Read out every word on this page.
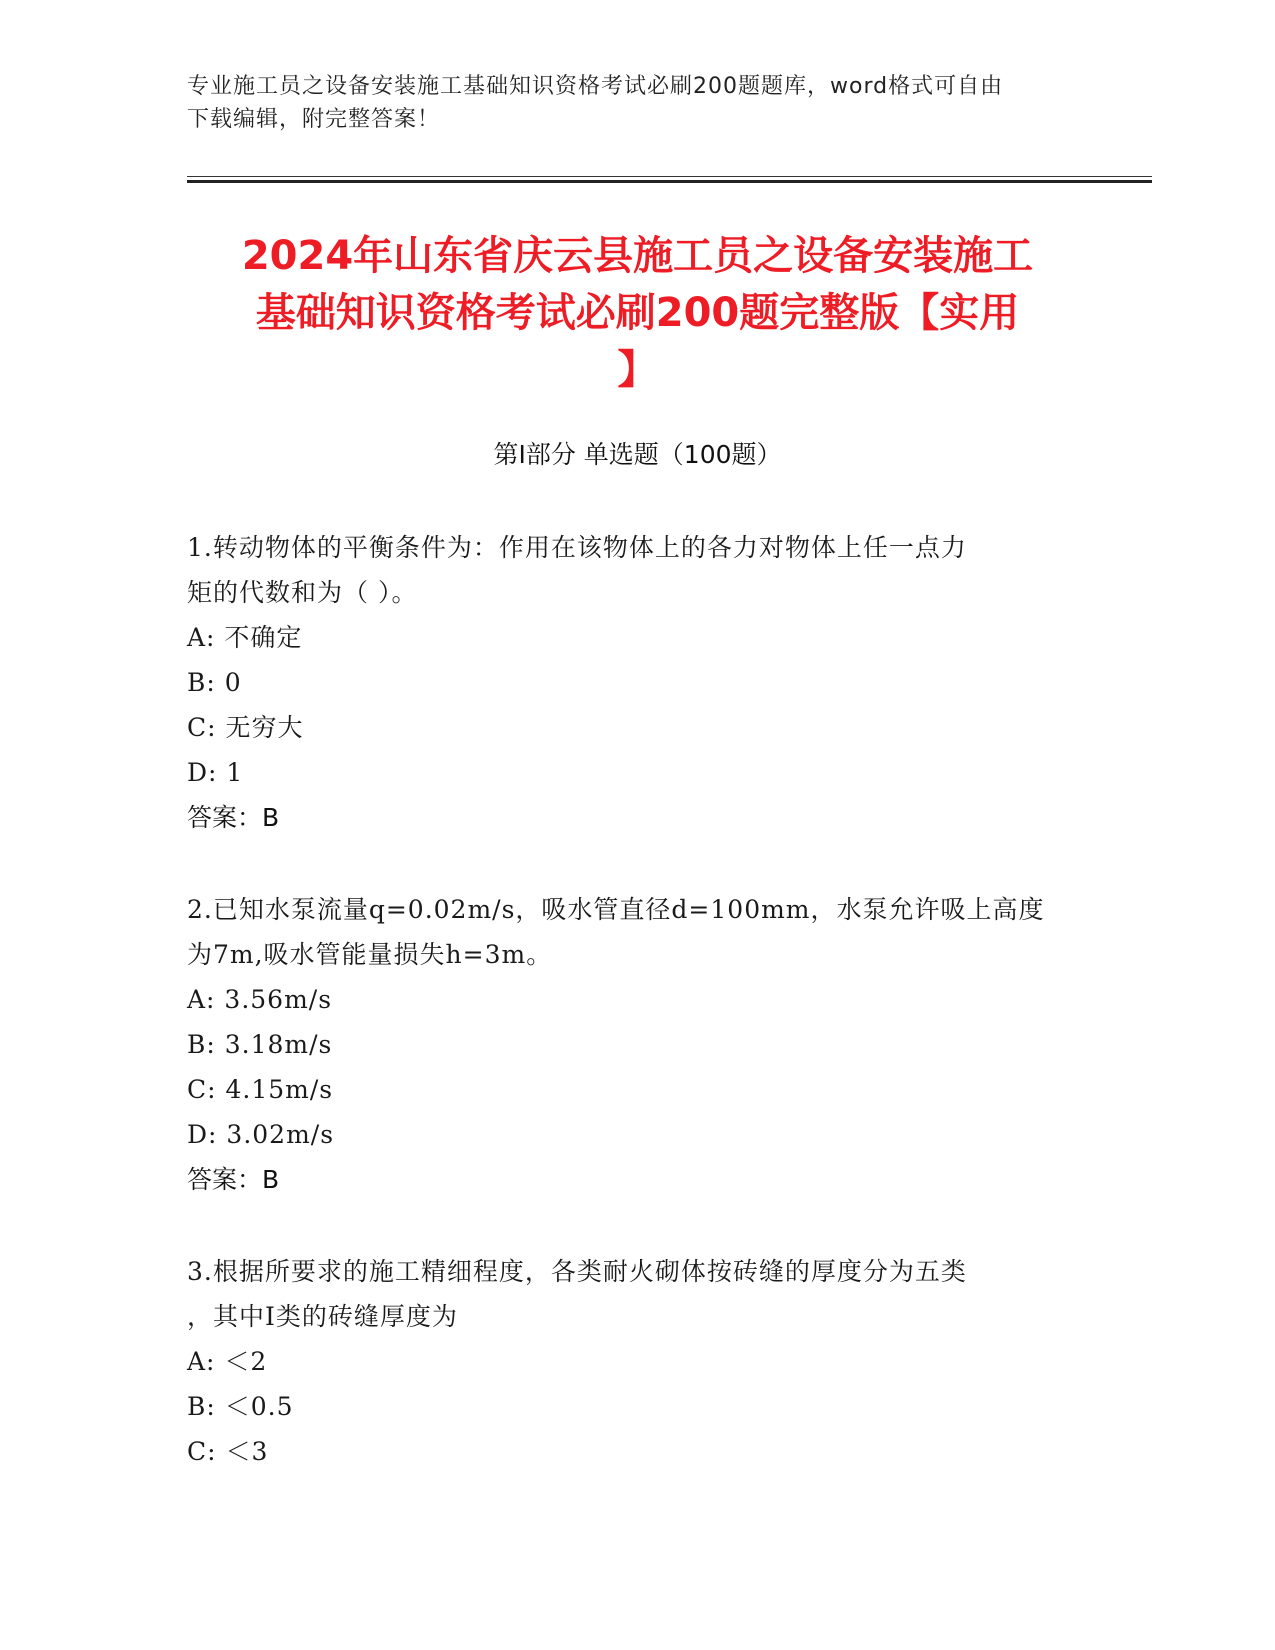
专业施工员之设备安装施工基础知识资格考试必刷200题题库，word格式可自由
下载编辑，附完整答案！
2024年山东省庆云县施工员之设备安装施工
基础知识资格考试必刷200题完整版【实用
】
第I部分 单选题（100题）
1.转动物体的平衡条件为：作用在该物体上的各力对物体上任一点力
矩的代数和为（ ）。
A: 不确定
B: 0
C: 无穷大
D: 1
答案：B
2.已知水泵流量q=0.02m/s，吸水管直径d=100mm，水泵允许吸上高度
为7m,吸水管能量损失h=3m。
A: 3.56m/s
B: 3.18m/s
C: 4.15m/s
D: 3.02m/s
答案：B
3.根据所要求的施工精细程度，各类耐火砌体按砖缝的厚度分为五类
，其中Ⅰ类的砖缝厚度为
A: ＜2
B: ＜0.5
C: ＜3
